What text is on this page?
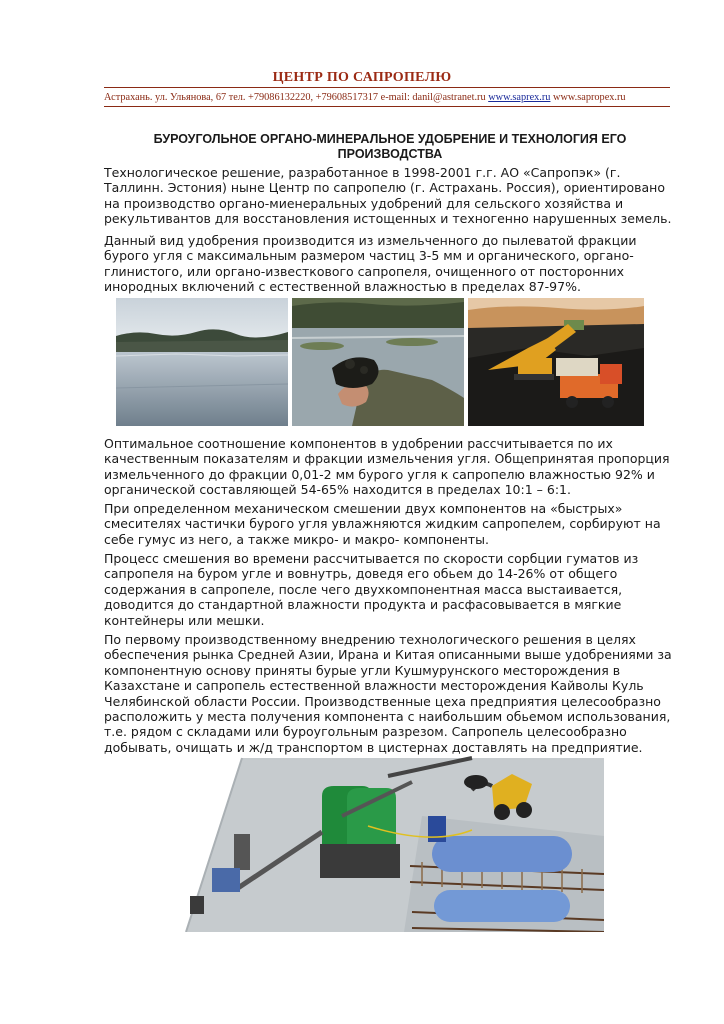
ЦЕНТР ПО САПРОПЕЛЮ
Астрахань. ул. Ульянова, 67 тел. +79086132220, +79608517317 e-mail: danil@astranet.ru www.saprex.ru www.sapropex.ru
БУРОУГОЛЬНОЕ ОРГАНО-МИНЕРАЛЬНОЕ УДОБРЕНИЕ И ТЕХНОЛОГИЯ ЕГО ПРОИЗВОДСТВА

Технологическое решение, разработанное в 1998-2001 г.г. АО «Сапропэк» (г. Таллинн. Эстония) ныне Центр по сапропелю (г. Астрахань. Россия), ориентировано на производство органо-миенеральных удобрений для сельского хозяйства и рекультивантов для восстановления истощенных и техногенно нарушенных земель.

Данный вид удобрения производится из измельченного до пылеватой фракции бурого угля с максимальным размером частиц 3-5 мм и органического, органо-глинистого, или органо-известкового сапропеля, очищенного от посторонних инородных включений с естественной влажностью в пределах 87-97%.

Оптимальное соотношение компонентов в удобрении рассчитывается по их качественным показателям и фракции измельчения угля. Общепринятая пропорция измельченного до фракции 0,01-2 мм бурого угля к сапропелю влажностью 92% и органической составляющей 54-65% находится в пределах 10:1 – 6:1.

При определенном механическом смешении двух компонентов на «быстрых» смесителях частички бурого угля увлажняются жидким сапропелем, сорбируют на себе гумус из него, а также микро- и макро- компоненты.

Процесс смешения во времени рассчитывается по скорости сорбции гуматов из сапропеля на буром угле и вовнутрь, доведя его обьем до 14-26% от общего содержания в сапропеле, после чего двухкомпонентная масса выстаивается, доводится до стандартной влажности продукта и расфасовывается в мягкие контейнеры или мешки.

По первому производственному внедрению технологического решения в целях обеспечения рынка Средней Азии, Ирана и Китая описанными выше удобрениями за компонентную основу приняты бурые угли Кушмурунского месторождения в Казахстане и сапропель естественной влажности месторождения Кайволы Куль Челябинской области России. Производственные цеха предприятия целесообразно расположить у места получения компонента с наибольшим обьемом использования, т.е. рядом с складами или буроугольным разрезом. Сапропель целесообразно добывать, очищать и ж/д транспортом в цистернах доставлять на предприятие.
